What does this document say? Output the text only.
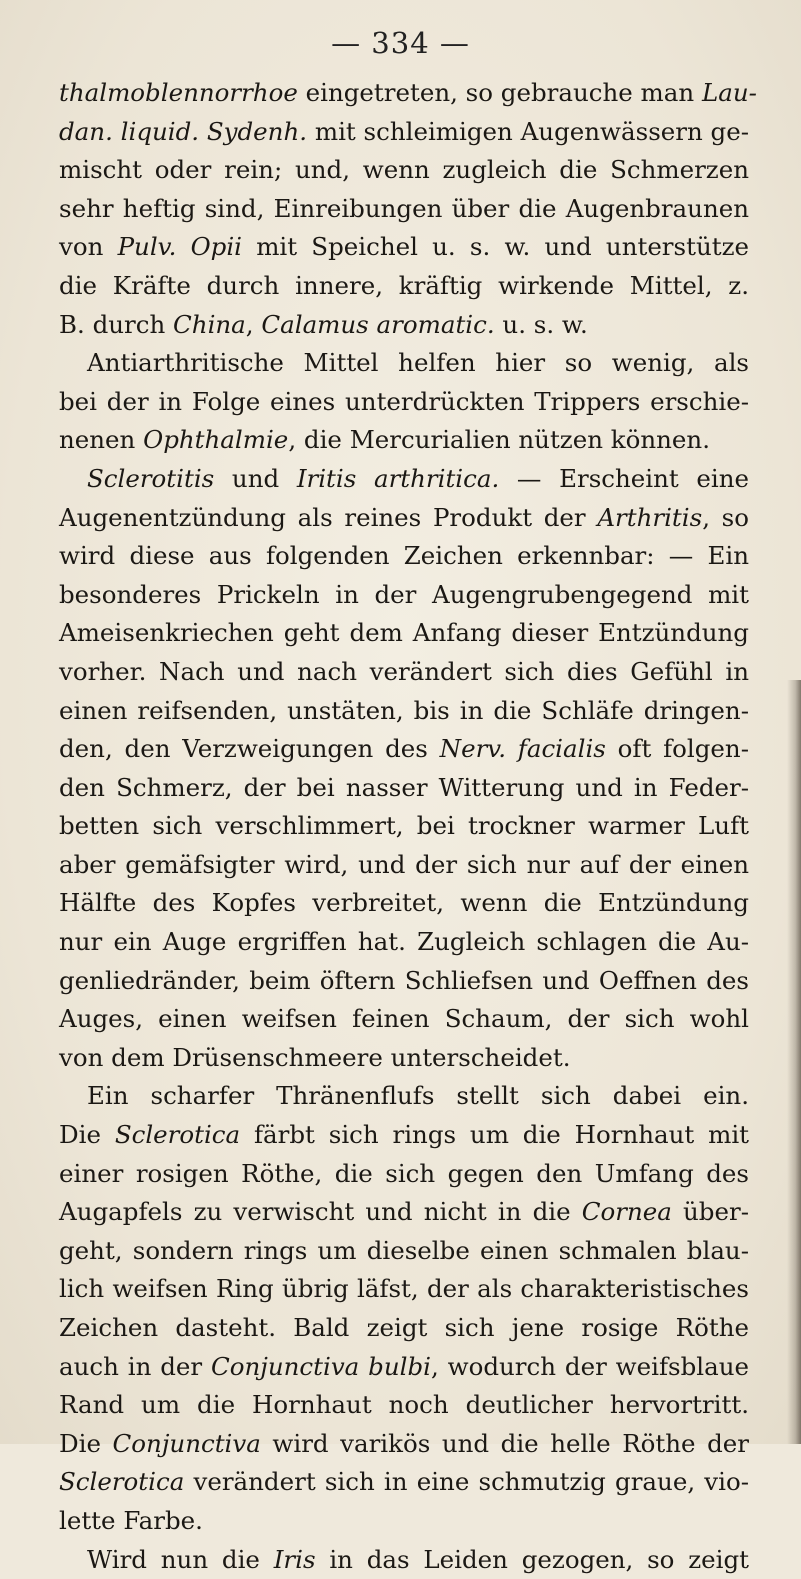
— 334 —
thalmoblennorrhoe eingetreten, so gebrauche man Lau-
dan. liquid. Sydenh. mit schleimigen Augenwässern ge-
mischt oder rein; und, wenn zugleich die Schmerzen
sehr heftig sind, Einreibungen über die Augenbraunen
von Pulv. Opii mit Speichel u. s. w. und unterstütze
die Kräfte durch innere, kräftig wirkende Mittel, z.
B. durch China, Calamus aromatic. u. s. w.
Antiarthritische Mittel helfen hier so wenig, als
bei der in Folge eines unterdrückten Trippers erschie-
nenen Ophthalmie, die Mercurialien nützen können.
Sclerotitis und Iritis arthritica. — Erscheint eine
Augenentzündung als reines Produkt der Arthritis, so
wird diese aus folgenden Zeichen erkennbar: — Ein
besonderes Prickeln in der Augengrubengegend mit
Ameisenkriechen geht dem Anfang dieser Entzündung
vorher. Nach und nach verändert sich dies Gefühl in
einen reifsenden, unstäten, bis in die Schläfe dringen-
den, den Verzweigungen des Nerv. facialis oft folgen-
den Schmerz, der bei nasser Witterung und in Feder-
betten sich verschlimmert, bei trockner warmer Luft
aber gemäfsigter wird, und der sich nur auf der einen
Hälfte des Kopfes verbreitet, wenn die Entzündung
nur ein Auge ergriffen hat. Zugleich schlagen die Au-
genliedränder, beim öftern Schliefsen und Oeffnen des
Auges, einen weifsen feinen Schaum, der sich wohl
von dem Drüsenschmeere unterscheidet.
Ein scharfer Thränenflufs stellt sich dabei ein.
Die Sclerotica färbt sich rings um die Hornhaut mit
einer rosigen Röthe, die sich gegen den Umfang des
Augapfels zu verwischt und nicht in die Cornea über-
geht, sondern rings um dieselbe einen schmalen blau-
lich weifsen Ring übrig läfst, der als charakteristisches
Zeichen dasteht. Bald zeigt sich jene rosige Röthe
auch in der Conjunctiva bulbi, wodurch der weifsblaue
Rand um die Hornhaut noch deutlicher hervortritt.
Die Conjunctiva wird varikös und die helle Röthe der
Sclerotica verändert sich in eine schmutzig graue, vio-
lette Farbe.
Wird nun die Iris in das Leiden gezogen, so zeigt
